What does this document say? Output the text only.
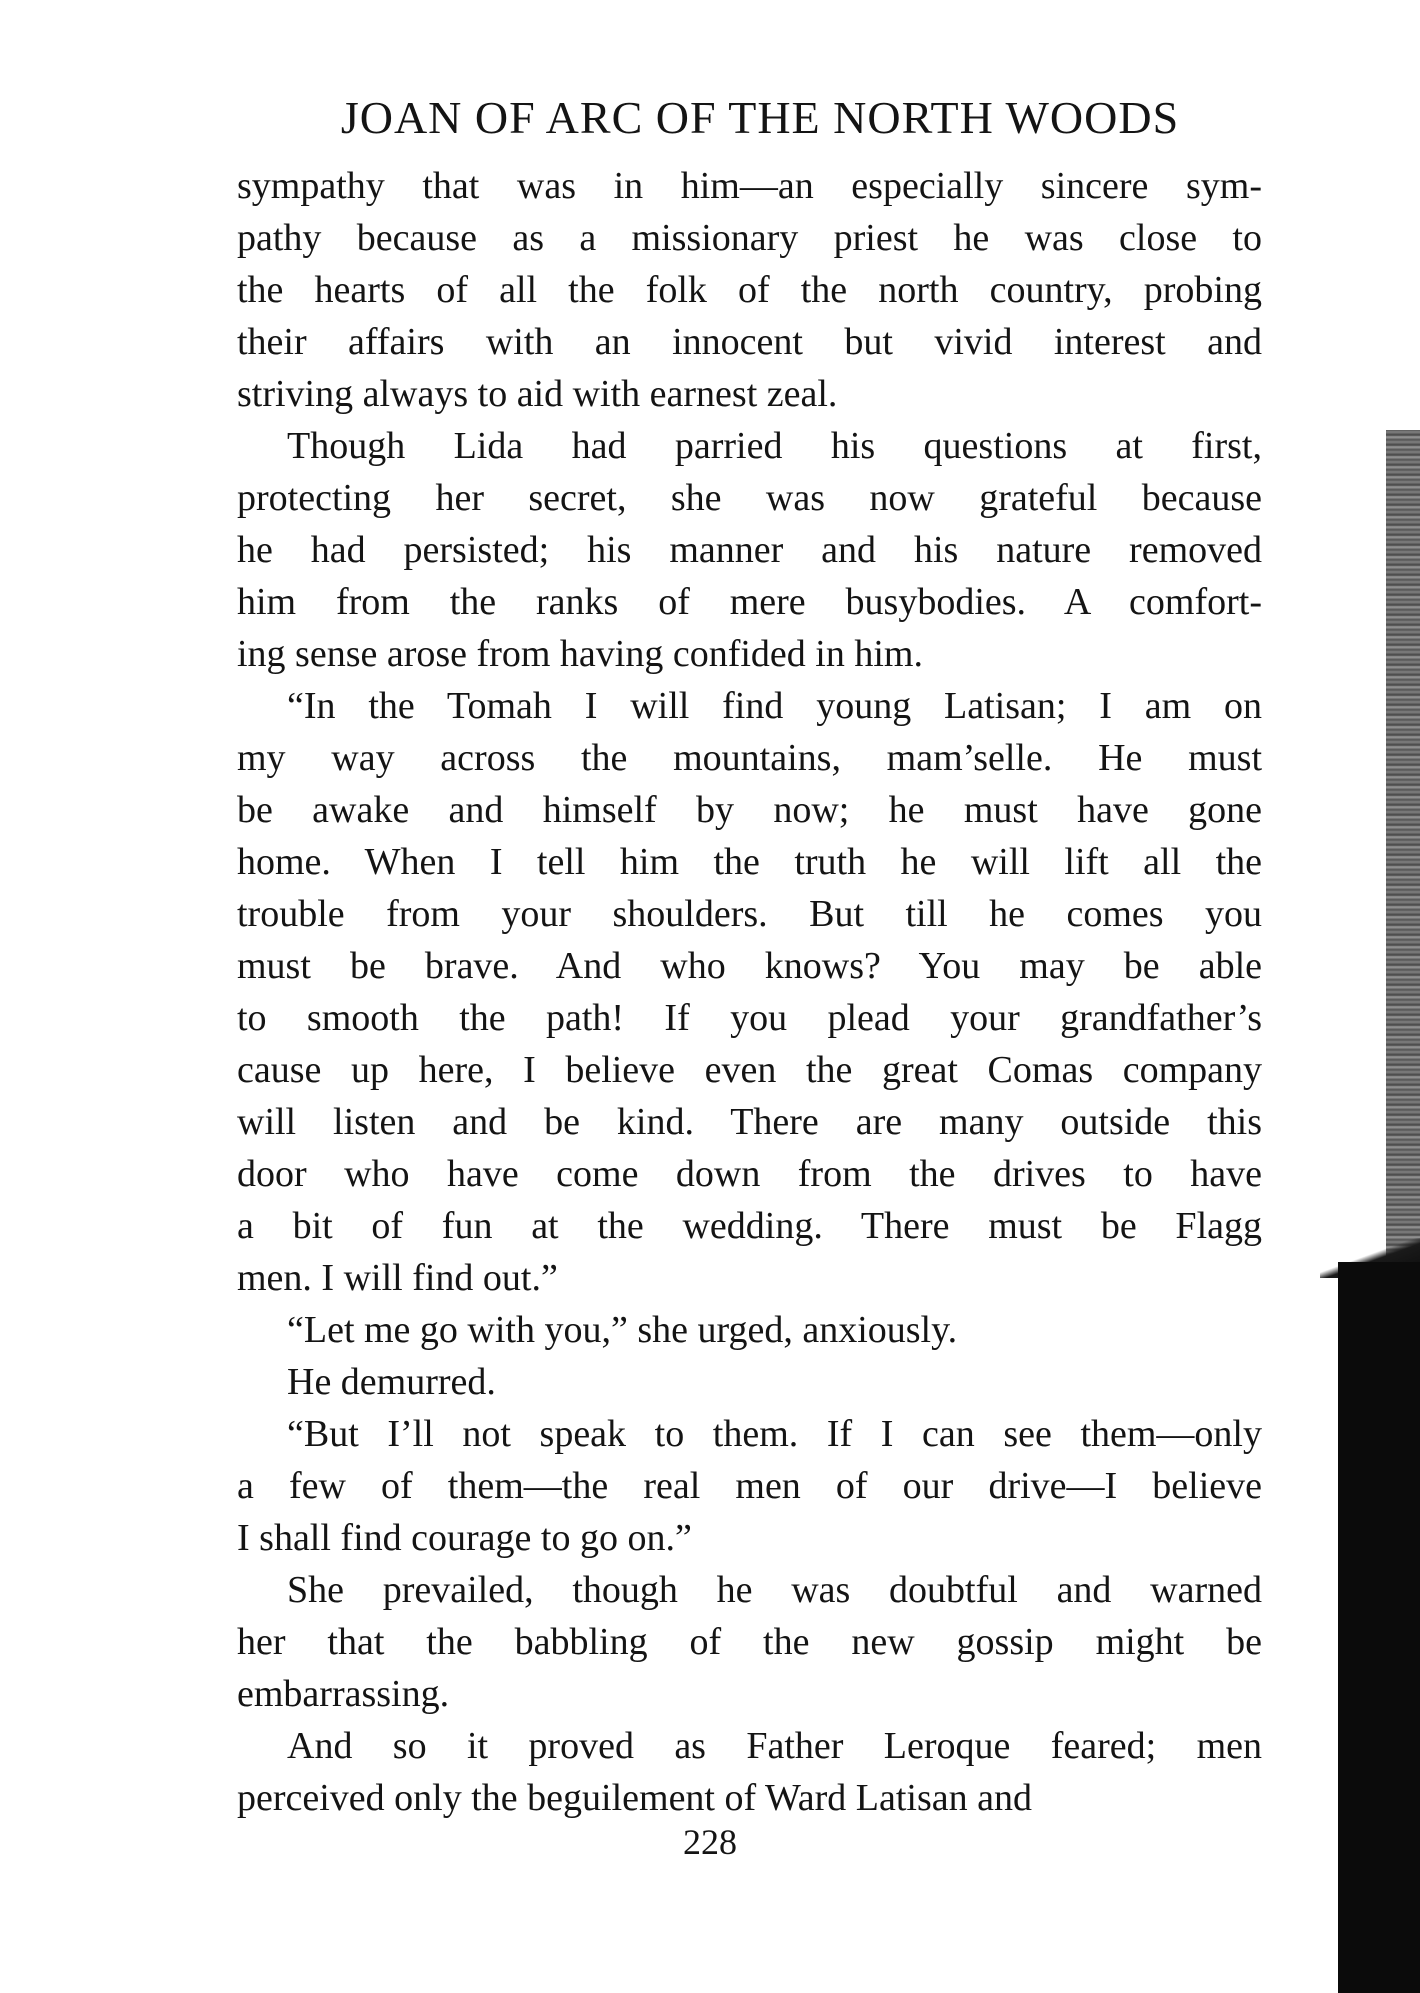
JOAN OF ARC OF THE NORTH WOODS
sympathy that was in him—an especially sincere sym-
pathy because as a missionary priest he was close to
the hearts of all the folk of the north country, probing
their affairs with an innocent but vivid interest and
striving always to aid with earnest zeal.
Though Lida had parried his questions at first,
protecting her secret, she was now grateful because
he had persisted; his manner and his nature removed
him from the ranks of mere busybodies. A comfort-
ing sense arose from having confided in him.
“In the Tomah I will find young Latisan; I am on
my way across the mountains, mam’selle. He must
be awake and himself by now; he must have gone
home. When I tell him the truth he will lift all the
trouble from your shoulders. But till he comes you
must be brave. And who knows? You may be able
to smooth the path! If you plead your grandfather’s
cause up here, I believe even the great Comas company
will listen and be kind. There are many outside this
door who have come down from the drives to have
a bit of fun at the wedding. There must be Flagg
men. I will find out.”
“Let me go with you,” she urged, anxiously.
He demurred.
“But I’ll not speak to them. If I can see them—only
a few of them—the real men of our drive—I believe
I shall find courage to go on.”
She prevailed, though he was doubtful and warned
her that the babbling of the new gossip might be
embarrassing.
And so it proved as Father Leroque feared; men
perceived only the beguilement of Ward Latisan and
228
